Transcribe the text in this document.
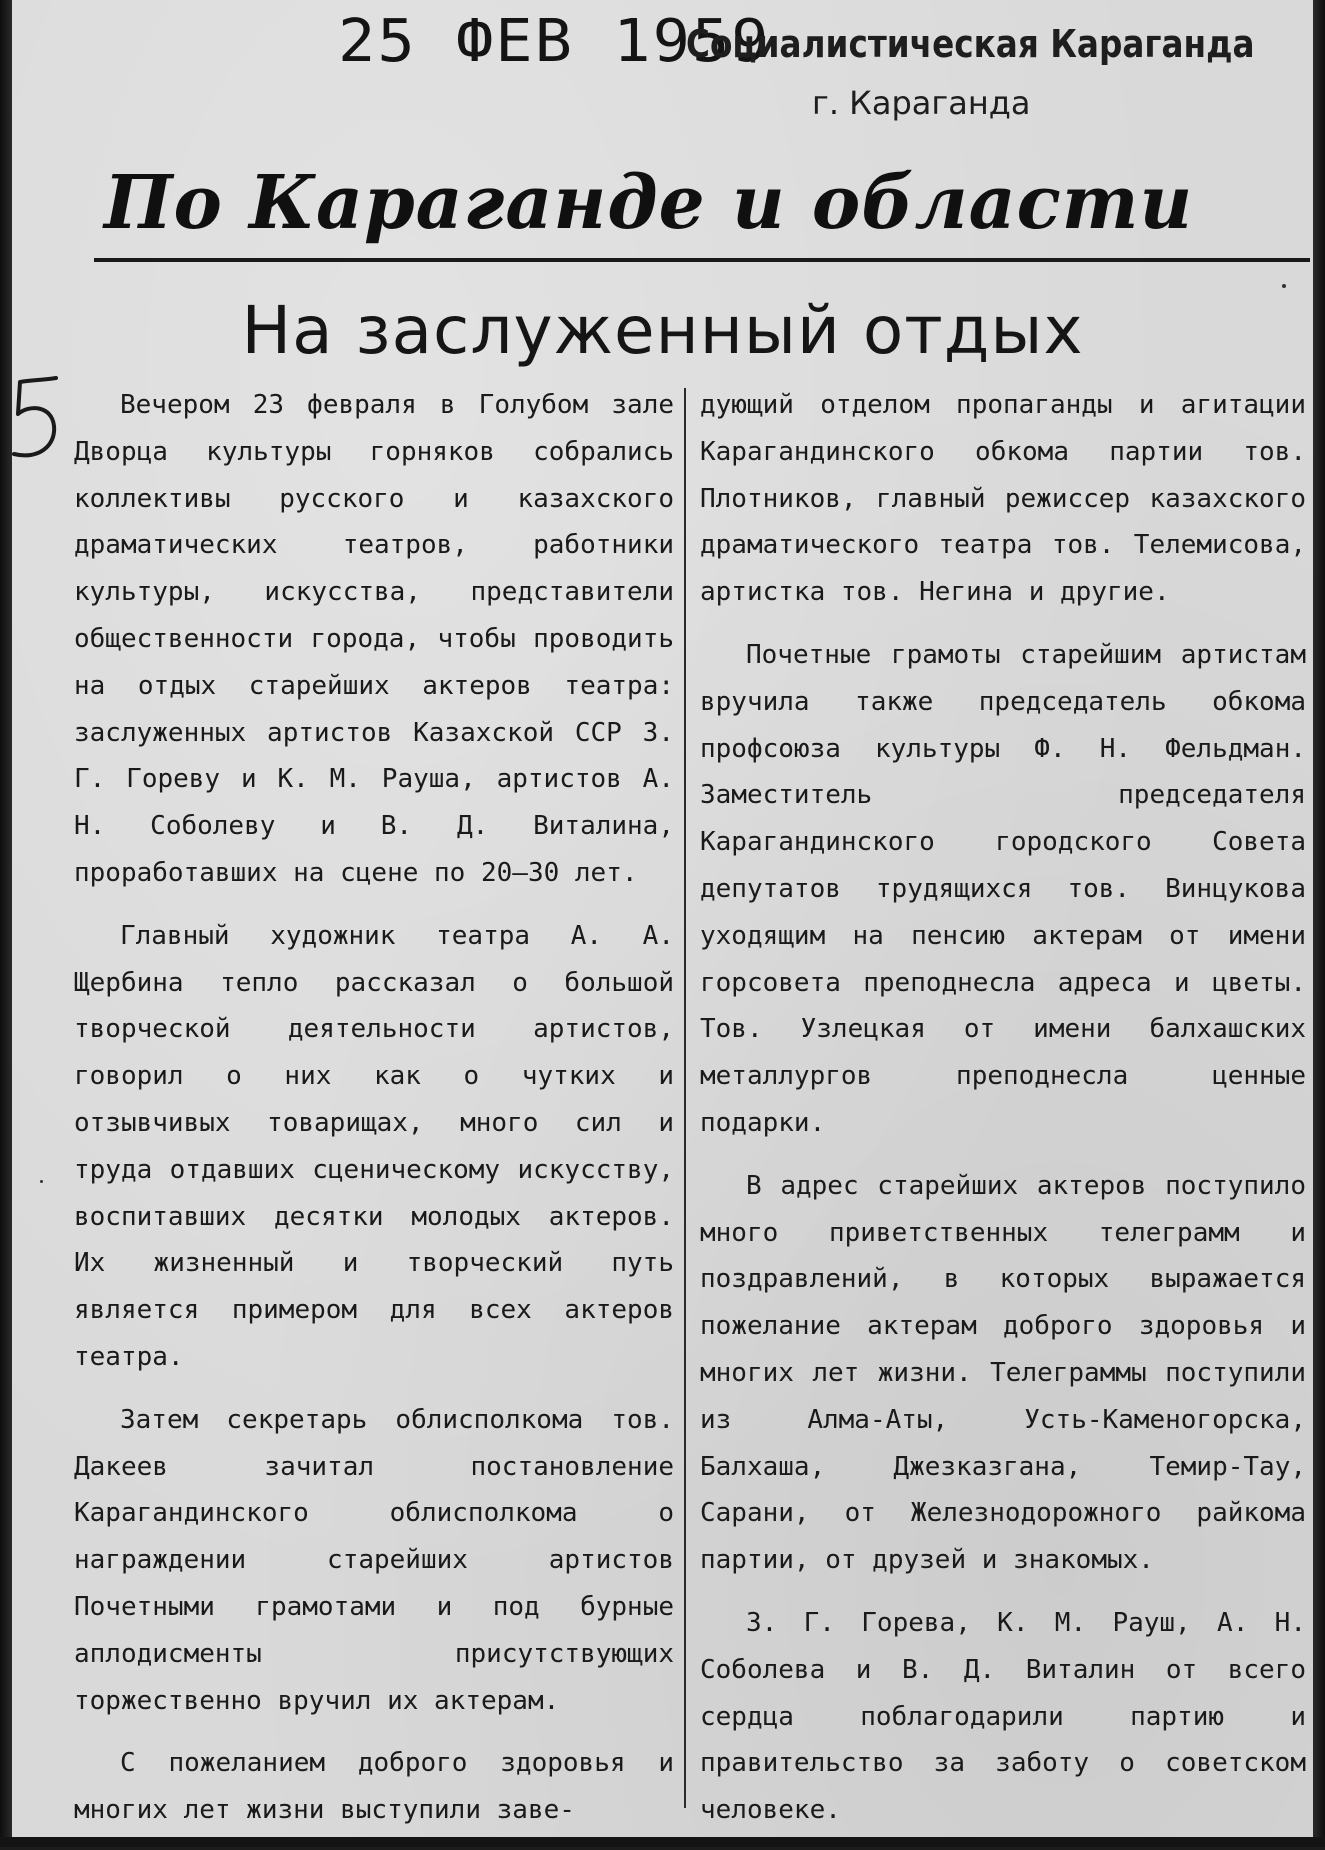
25 ФЕВ 1959
Социалистическая Караганда
г. Караганда
По Караганде и области
На заслуженный отдых

Вечером 23 февраля в Голубом зале Дворца культуры горняков собрались коллективы русского и казахского драматических театров, работники культуры, искусства, представители общественности города, чтобы проводить на отдых старейших актеров театра: заслуженных артистов Казахской ССР З. Г. Гореву и К. М. Рауша, артистов А. Н. Соболеву и В. Д. Виталина, проработавших на сцене по 20—30 лет.

Главный художник театра А. А. Щербина тепло рассказал о большой творческой деятельности артистов, говорил о них как о чутких и отзывчивых товарищах, много сил и труда отдавших сценическому искусству, воспитавших десятки молодых актеров. Их жизненный и творческий путь является примером для всех актеров театра.

Затем секретарь облисполкома тов. Дакеев зачитал постановление Карагандинского облисполкома о награждении старейших артистов Почетными грамотами и под бурные аплодисменты присутствующих торжественно вручил их актерам.

С пожеланием доброго здоровья и многих лет жизни выступили заве-

дующий отделом пропаганды и агитации Карагандинского обкома партии тов. Плотников, главный режиссер казахского драматического театра тов. Телемисова, артистка тов. Негина и другие.

Почетные грамоты старейшим артистам вручила также председатель обкома профсоюза культуры Ф. Н. Фельдман. Заместитель председателя Карагандинского городского Совета депутатов трудящихся тов. Винцукова уходящим на пенсию актерам от имени горсовета преподнесла адреса и цветы. Тов. Узлецкая от имени балхашских металлургов преподнесла ценные подарки.

В адрес старейших актеров поступило много приветственных телеграмм и поздравлений, в которых выражается пожелание актерам доброго здоровья и многих лет жизни. Телеграммы поступили из Алма-Аты, Усть-Каменогорска, Балхаша, Джезказгана, Темир-Тау, Сарани, от Железнодорожного райкома партии, от друзей и знакомых.

З. Г. Горева, К. М. Рауш, А. Н. Соболева и В. Д. Виталин от всего сердца поблагодарили партию и правительство за заботу о советском человеке.
